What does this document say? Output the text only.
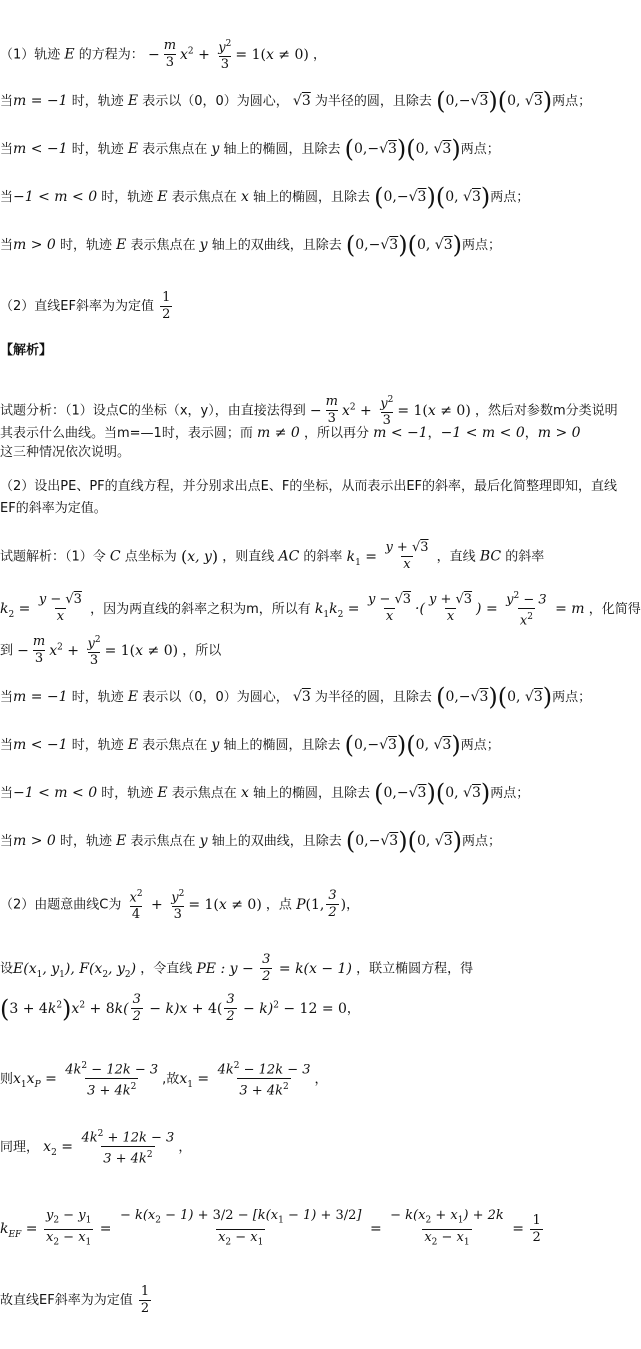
（1）轨迹 E 的方程为： − $\frac{m}{3} x^2 + \frac{y^2}{3} = 1(x \ne 0)$ ，
当m = −1 时，轨迹 E 表示以（0，0）为圆心， √3 为半径的圆，且除去 (0,−√3)(0, √3)两点；
当m < −1 时，轨迹 E 表示焦点在 y 轴上的椭圆，且除去 (0,−√3)(0, √3)两点；
当−1 < m < 0 时，轨迹 E 表示焦点在 x 轴上的椭圆，且除去 (0,−√3)(0, √3)两点；
当m > 0 时，轨迹 E 表示焦点在 y 轴上的双曲线，且除去 (0,−√3)(0, √3)两点；
（2）直线EF斜率为为定值 $\frac{1}{2}$
【解析】
试题分析：（1）设点C的坐标（x，y），由直接法得到 − $\frac{m}{3} x^2 + \frac{y^2}{3} = 1(x \ne 0)$ ，然后对参数m分类说明
其表示什么曲线。当m=—1时，表示圆；而 m ≠ 0 ，所以再分 m < −1，−1 < m < 0，m > 0
这三种情况依次说明。
（2）设出PE、PF的直线方程，并分别求出点E、F的坐标，从而表示出EF的斜率，最后化简整理即知，直线EF的斜率为定值。
试题解析：（1）令 C 点坐标为 (x, y) ，则直线 AC 的斜率 $k_1 = \frac{y + √3}{x}$ ，直线 BC 的斜率
$k_2 = \frac{y - √3}{x}$ ，因为两直线的斜率之积为m，所以有 $k_1k_2 = \frac{y - √3}{x}$ ·( $\frac{y + √3}{x}$ ) = $\frac{y^2 - 3}{x^2} = m$ ，化简得
到 − $\frac{m}{3} x^2 + \frac{y^2}{3} = 1(x \ne 0)$ ，所以
当m = −1 时，轨迹 E 表示以（0，0）为圆心， √3 为半径的圆，且除去 (0,−√3)(0, √3)两点；
当m < −1 时，轨迹 E 表示焦点在 y 轴上的椭圆，且除去 (0,−√3)(0, √3)两点；
当−1 < m < 0 时，轨迹 E 表示焦点在 x 轴上的椭圆，且除去 (0,−√3)(0, √3)两点；
当m > 0 时，轨迹 E 表示焦点在 y 轴上的双曲线，且除去 (0,−√3)(0, √3)两点；
（2）由题意曲线C为 $\frac{x^2}{4} + \frac{y^2}{3} = 1(x \ne 0)$ ，点 P(1, $\frac{3}{2}$ )，
设$E(x_1$, $y_1$), $F(x_2$, $y_2$) ，令直线 PE : $y - \frac{3}{2} = k(x - 1)$ ，联立椭圆方程，得
$(3 + 4k^2)x^2 + 8k( \frac{3}{2} - k)x + 4( \frac{3}{2} - k)^2 - 12 = 0$，
则$x_1x_P = \frac{4k^2 - 12k - 3}{3 + 4k^2}$ ,故$x_1 = \frac{4k^2 - 12k - 3}{3 + 4k^2}$ ，
同理， $x_2 = \frac{4k^2 + 12k - 3}{3 + 4k^2}$ ，
$k_{EF} = \frac{y_2 - y_1}{x_2 - x_1} = \frac{- k(x_2 - 1) + 3/2 - [k(x_1 - 1) + 3/2]}{x_2 - x_1} = \frac{- k(x_2 + x_1) + 2k}{x_2 - x_1} = \frac{1}{2}$
故直线EF斜率为为定值 $\frac{1}{2}$
